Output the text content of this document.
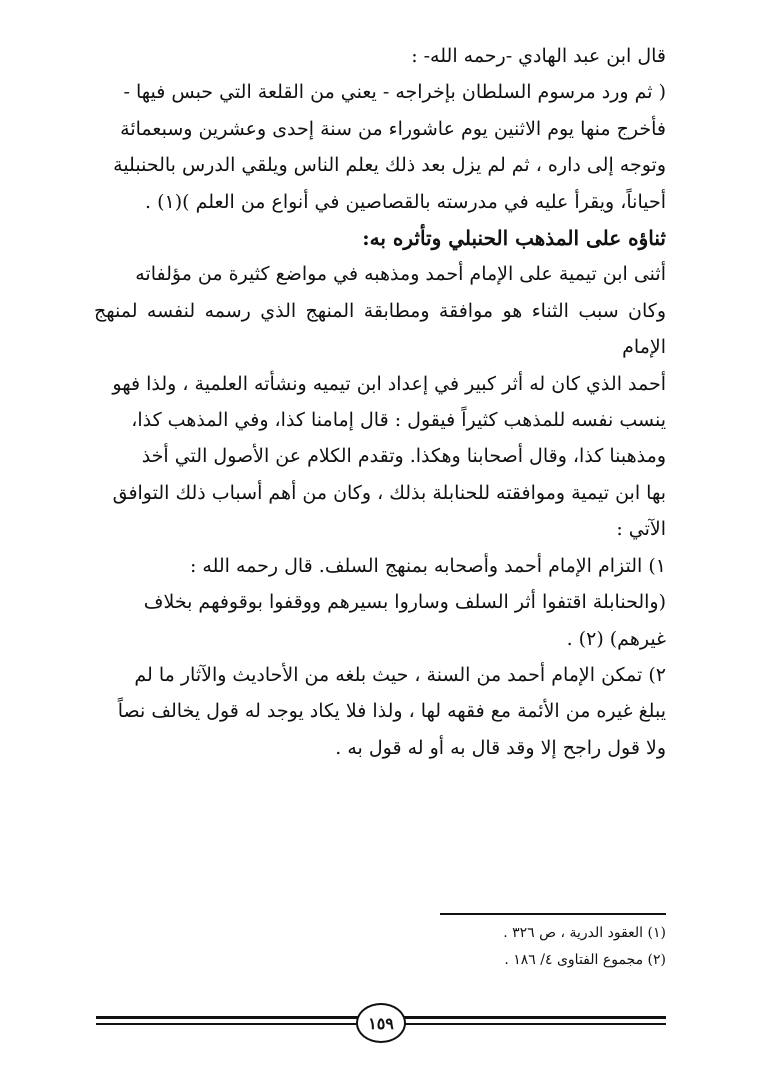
قال ابن عبد الهادي -رحمه الله- :

( ثم ورد مرسوم السلطان بإخراجه - يعني من القلعة التي حبس فيها -

فأخرج منها يوم الاثنين يوم عاشوراء من سنة إحدى وعشرين وسبعمائة

وتوجه إلى داره ، ثم لم يزل بعد ذلك يعلم الناس ويلقي الدرس بالحنبلية

أحياناً، ويقرأ عليه في مدرسته بالقصاصين في أنواع من العلم )(١) .

ثناؤه على المذهب الحنبلي وتأثره به:

أثنى ابن تيمية على الإمام أحمد ومذهبه في مواضع كثيرة من مؤلفاته

وكان سبب الثناء هو موافقة ومطابقة المنهج الذي رسمه لنفسه لمنهج الإمام

أحمد الذي كان له أثر كبير في إعداد ابن تيميه ونشأته العلمية ، ولذا فهو

ينسب نفسه للمذهب كثيراً فيقول : قال إمامنا كذا، وفي المذهب كذا،

ومذهبنا كذا، وقال أصحابنا وهكذا. وتقدم الكلام عن الأصول التي أخذ

بها ابن تيمية وموافقته للحنابلة بذلك ، وكان من أهم أسباب ذلك التوافق

الآتي :

١) التزام الإمام أحمد وأصحابه بمنهج السلف. قال رحمه الله :

(والحنابلة اقتفوا أثر السلف وساروا بسيرهم ووقفوا بوقوفهم بخلاف

غيرهم) (٢) .

٢) تمكن الإمام أحمد من السنة ، حيث بلغه من الأحاديث والآثار ما لم

يبلغ غيره من الأئمة مع فقهه لها ، ولذا فلا يكاد يوجد له قول يخالف نصاً

ولا قول راجح إلا وقد قال به أو له قول به .

(١) العقود الدرية ، ص ٣٢٦ .
(٢) مجموع الفتاوى ٤/ ١٨٦ .
١٥٩
